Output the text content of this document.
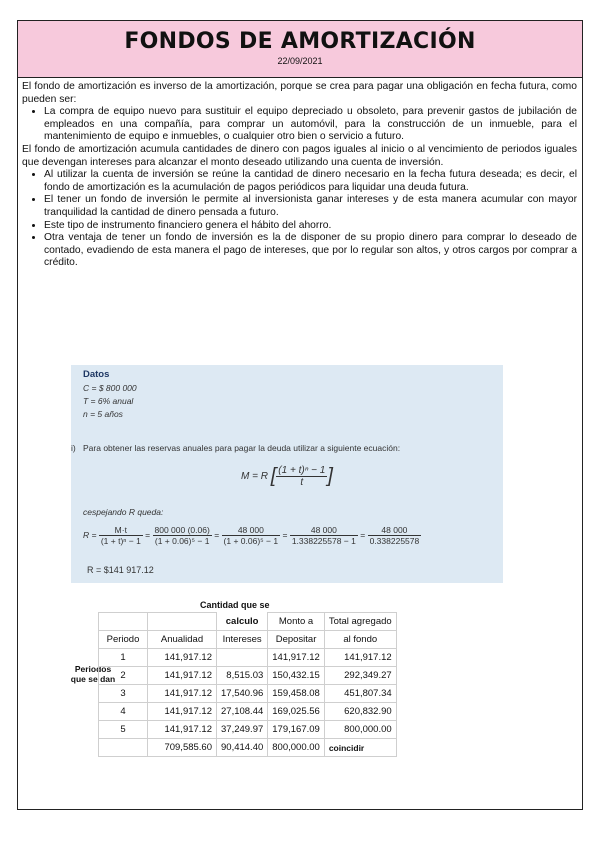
FONDOS DE AMORTIZACIÓN
22/09/2021

El fondo de amortización es inverso de la amortización, porque se crea para pagar una obligación en fecha futura, como pueden ser:

• La compra de equipo nuevo para sustituir el equipo depreciado u obsoleto, para prevenir gastos de jubilación de empleados en una compañía, para comprar un automóvil, para la construcción de un inmueble, para el mantenimiento de equipo e inmuebles, o cualquier otro bien o servicio a futuro.

El fondo de amortización acumula cantidades de dinero con pagos iguales al inicio o al vencimiento de periodos iguales que devengan intereses para alcanzar el monto deseado utilizando una cuenta de inversión.

• Al utilizar la cuenta de inversión se reúne la cantidad de dinero necesario en la fecha futura deseada; es decir, el fondo de amortización es la acumulación de pagos periódicos para liquidar una deuda futura.
• El tener un fondo de inversión le permite al inversionista ganar intereses y de esta manera acumular con mayor tranquilidad la cantidad de dinero pensada a futuro.
• Este tipo de instrumento financiero genera el hábito del ahorro.
• Otra ventaja de tener un fondo de inversión es la de disponer de su propio dinero para comprar lo deseado de contado, evadiendo de esta manera el pago de intereses, que por lo regular son altos, y otros cargos por comprar a crédito.
Datos
C = $ 800 000
T = 6% anual
n = 5 años
i) Para obtener las reservas anuales para pagar la deuda utilizar a siguiente ecuación:
M = R [ $\frac{\text{(1 + t)ⁿ − 1}}{t}$ ]
cespejando R queda:
$R = \frac{M\cdot t}{\text{(1 + t)ⁿ − 1}} = \frac{800 000 (0.06)}{\text{(1 + 0.06)⁵ − 1}} = \frac{48 000}{\text{(1 + 0.06)⁵ − 1}} = \frac{48 000}{1.338225578 - 1} = \frac{48 000}{0.338225578}$
R = $141 917.12
Cantidad que se
Periodos
que se dan
		calculo	Monto a	Total agregado
Periodo	Anualidad	Intereses	Depositar	al fondo
1	141,917.12		141,917.12	141,917.12
2	141,917.12	8,515.03	150,432.15	292,349.27
3	141,917.12	17,540.96	159,458.08	451,807.34
4	141,917.12	27,108.44	169,025.56	620,832.90
5	141,917.12	37,249.97	179,167.09	800,000.00
	709,585.60	90,414.40	800,000.00	coincidir
